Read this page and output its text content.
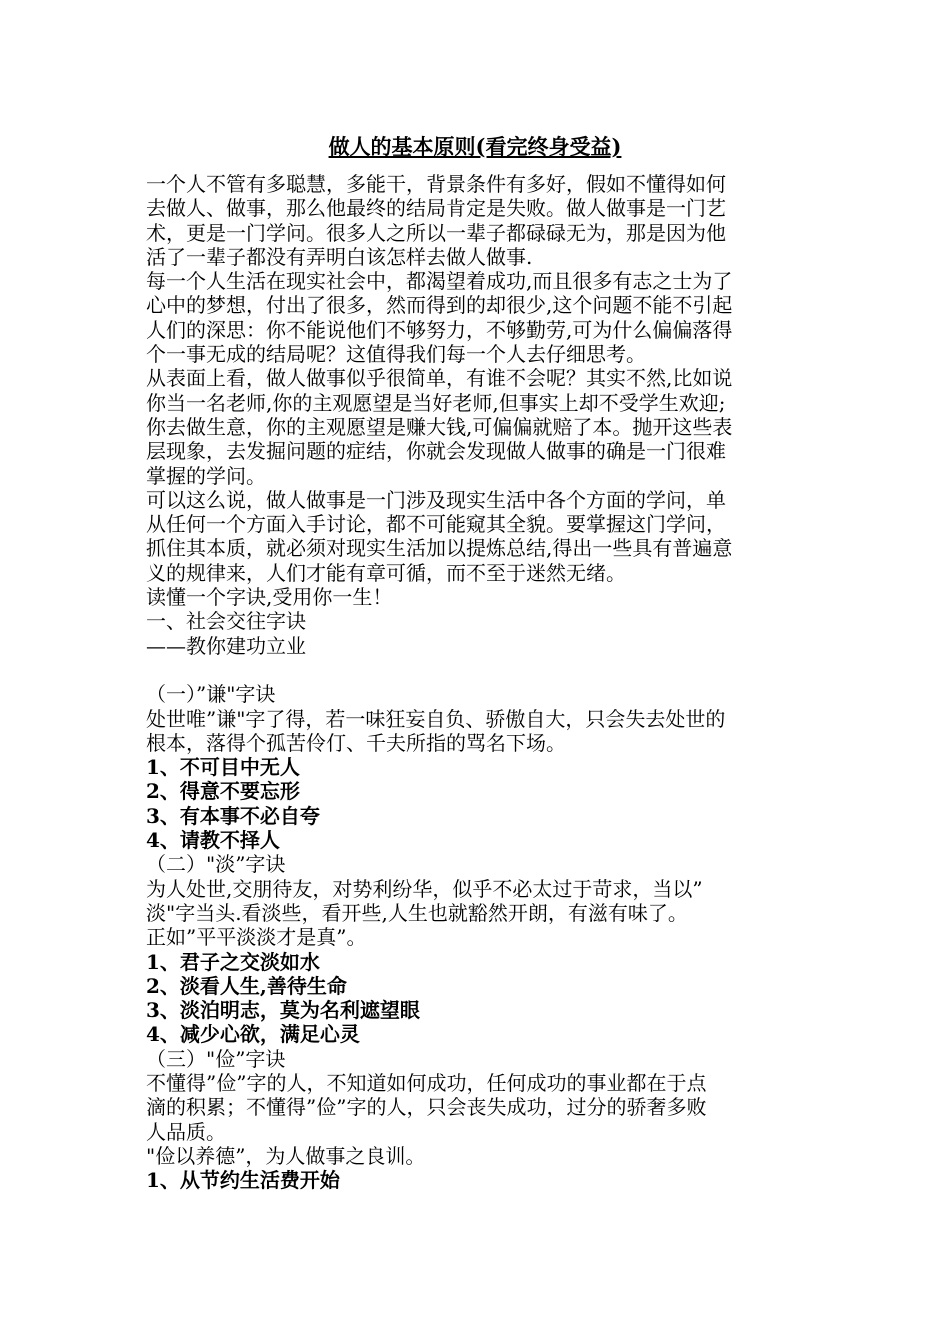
做人的基本原则(看完终身受益)
一个人不管有多聪慧，多能干，背景条件有多好，假如不懂得如何
去做人、做事，那么他最终的结局肯定是失败。做人做事是一门艺
术，更是一门学问。很多人之所以一辈子都碌碌无为，那是因为他
活了一辈子都没有弄明白该怎样去做人做事.
每一个人生活在现实社会中，都渴望着成功,而且很多有志之士为了
心中的梦想，付出了很多，然而得到的却很少,这个问题不能不引起
人们的深思：你不能说他们不够努力，不够勤劳,可为什么偏偏落得
个一事无成的结局呢？这值得我们每一个人去仔细思考。
从表面上看，做人做事似乎很简单，有谁不会呢？其实不然,比如说
你当一名老师,你的主观愿望是当好老师,但事实上却不受学生欢迎;
你去做生意，你的主观愿望是赚大钱,可偏偏就赔了本。抛开这些表
层现象，去发掘问题的症结，你就会发现做人做事的确是一门很难
掌握的学问。
可以这么说，做人做事是一门涉及现实生活中各个方面的学问，单
从任何一个方面入手讨论，都不可能窥其全貌。要掌握这门学问，
抓住其本质，就必须对现实生活加以提炼总结,得出一些具有普遍意
义的规律来，人们才能有章可循，而不至于迷然无绪。
读懂一个字诀,受用你一生！
一、社会交往字诀
——教你建功立业
（一）”谦"字诀
处世唯”谦"字了得，若一味狂妄自负、骄傲自大，只会失去处世的
根本，落得个孤苦伶仃、千夫所指的骂名下场。
1、不可目中无人
2、得意不要忘形
3、有本事不必自夸
4、请教不择人
（二）"淡”字诀
为人处世,交朋待友，对势利纷华，似乎不必太过于苛求，当以”
淡"字当头.看淡些，看开些,人生也就豁然开朗，有滋有味了。
正如”平平淡淡才是真”。
1、君子之交淡如水
2、淡看人生,善待生命
3、淡泊明志，莫为名利遮望眼
4、减少心欲，满足心灵
（三）"俭”字诀
不懂得”俭”字的人，不知道如何成功，任何成功的事业都在于点
滴的积累；不懂得”俭”字的人，只会丧失成功，过分的骄奢多败
人品质。
"俭以养德”，为人做事之良训。
1、从节约生活费开始
